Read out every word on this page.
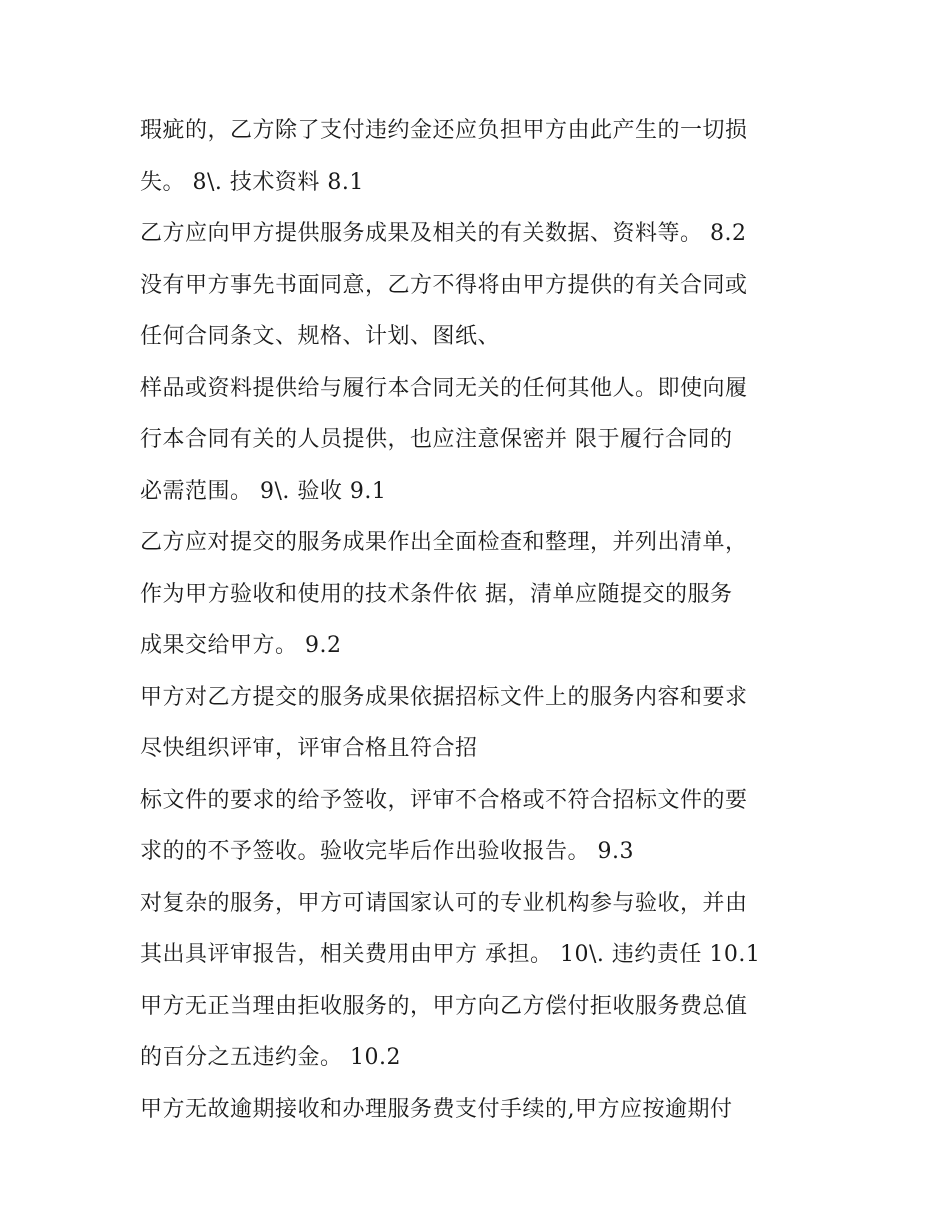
瑕疵的，乙方除了支付违约金还应负担甲方由此产生的一切损
失。 8\. 技术资料 8.1
乙方应向甲方提供服务成果及相关的有关数据、资料等。 8.2
没有甲方事先书面同意，乙方不得将由甲方提供的有关合同或
任何合同条文、规格、计划、图纸、
样品或资料提供给与履行本合同无关的任何其他人。即使向履
行本合同有关的人员提供，也应注意保密并 限于履行合同的
必需范围。 9\. 验收 9.1
乙方应对提交的服务成果作出全面检查和整理，并列出清单，
作为甲方验收和使用的技术条件依 据，清单应随提交的服务
成果交给甲方。 9.2
甲方对乙方提交的服务成果依据招标文件上的服务内容和要求
尽快组织评审，评审合格且符合招
标文件的要求的给予签收，评审不合格或不符合招标文件的要
求的的不予签收。验收完毕后作出验收报告。 9.3
对复杂的服务，甲方可请国家认可的专业机构参与验收，并由
其出具评审报告，相关费用由甲方 承担。 10\. 违约责任 10.1
甲方无正当理由拒收服务的，甲方向乙方偿付拒收服务费总值
的百分之五违约金。 10.2
甲方无故逾期接收和办理服务费支付手续的,甲方应按逾期付
